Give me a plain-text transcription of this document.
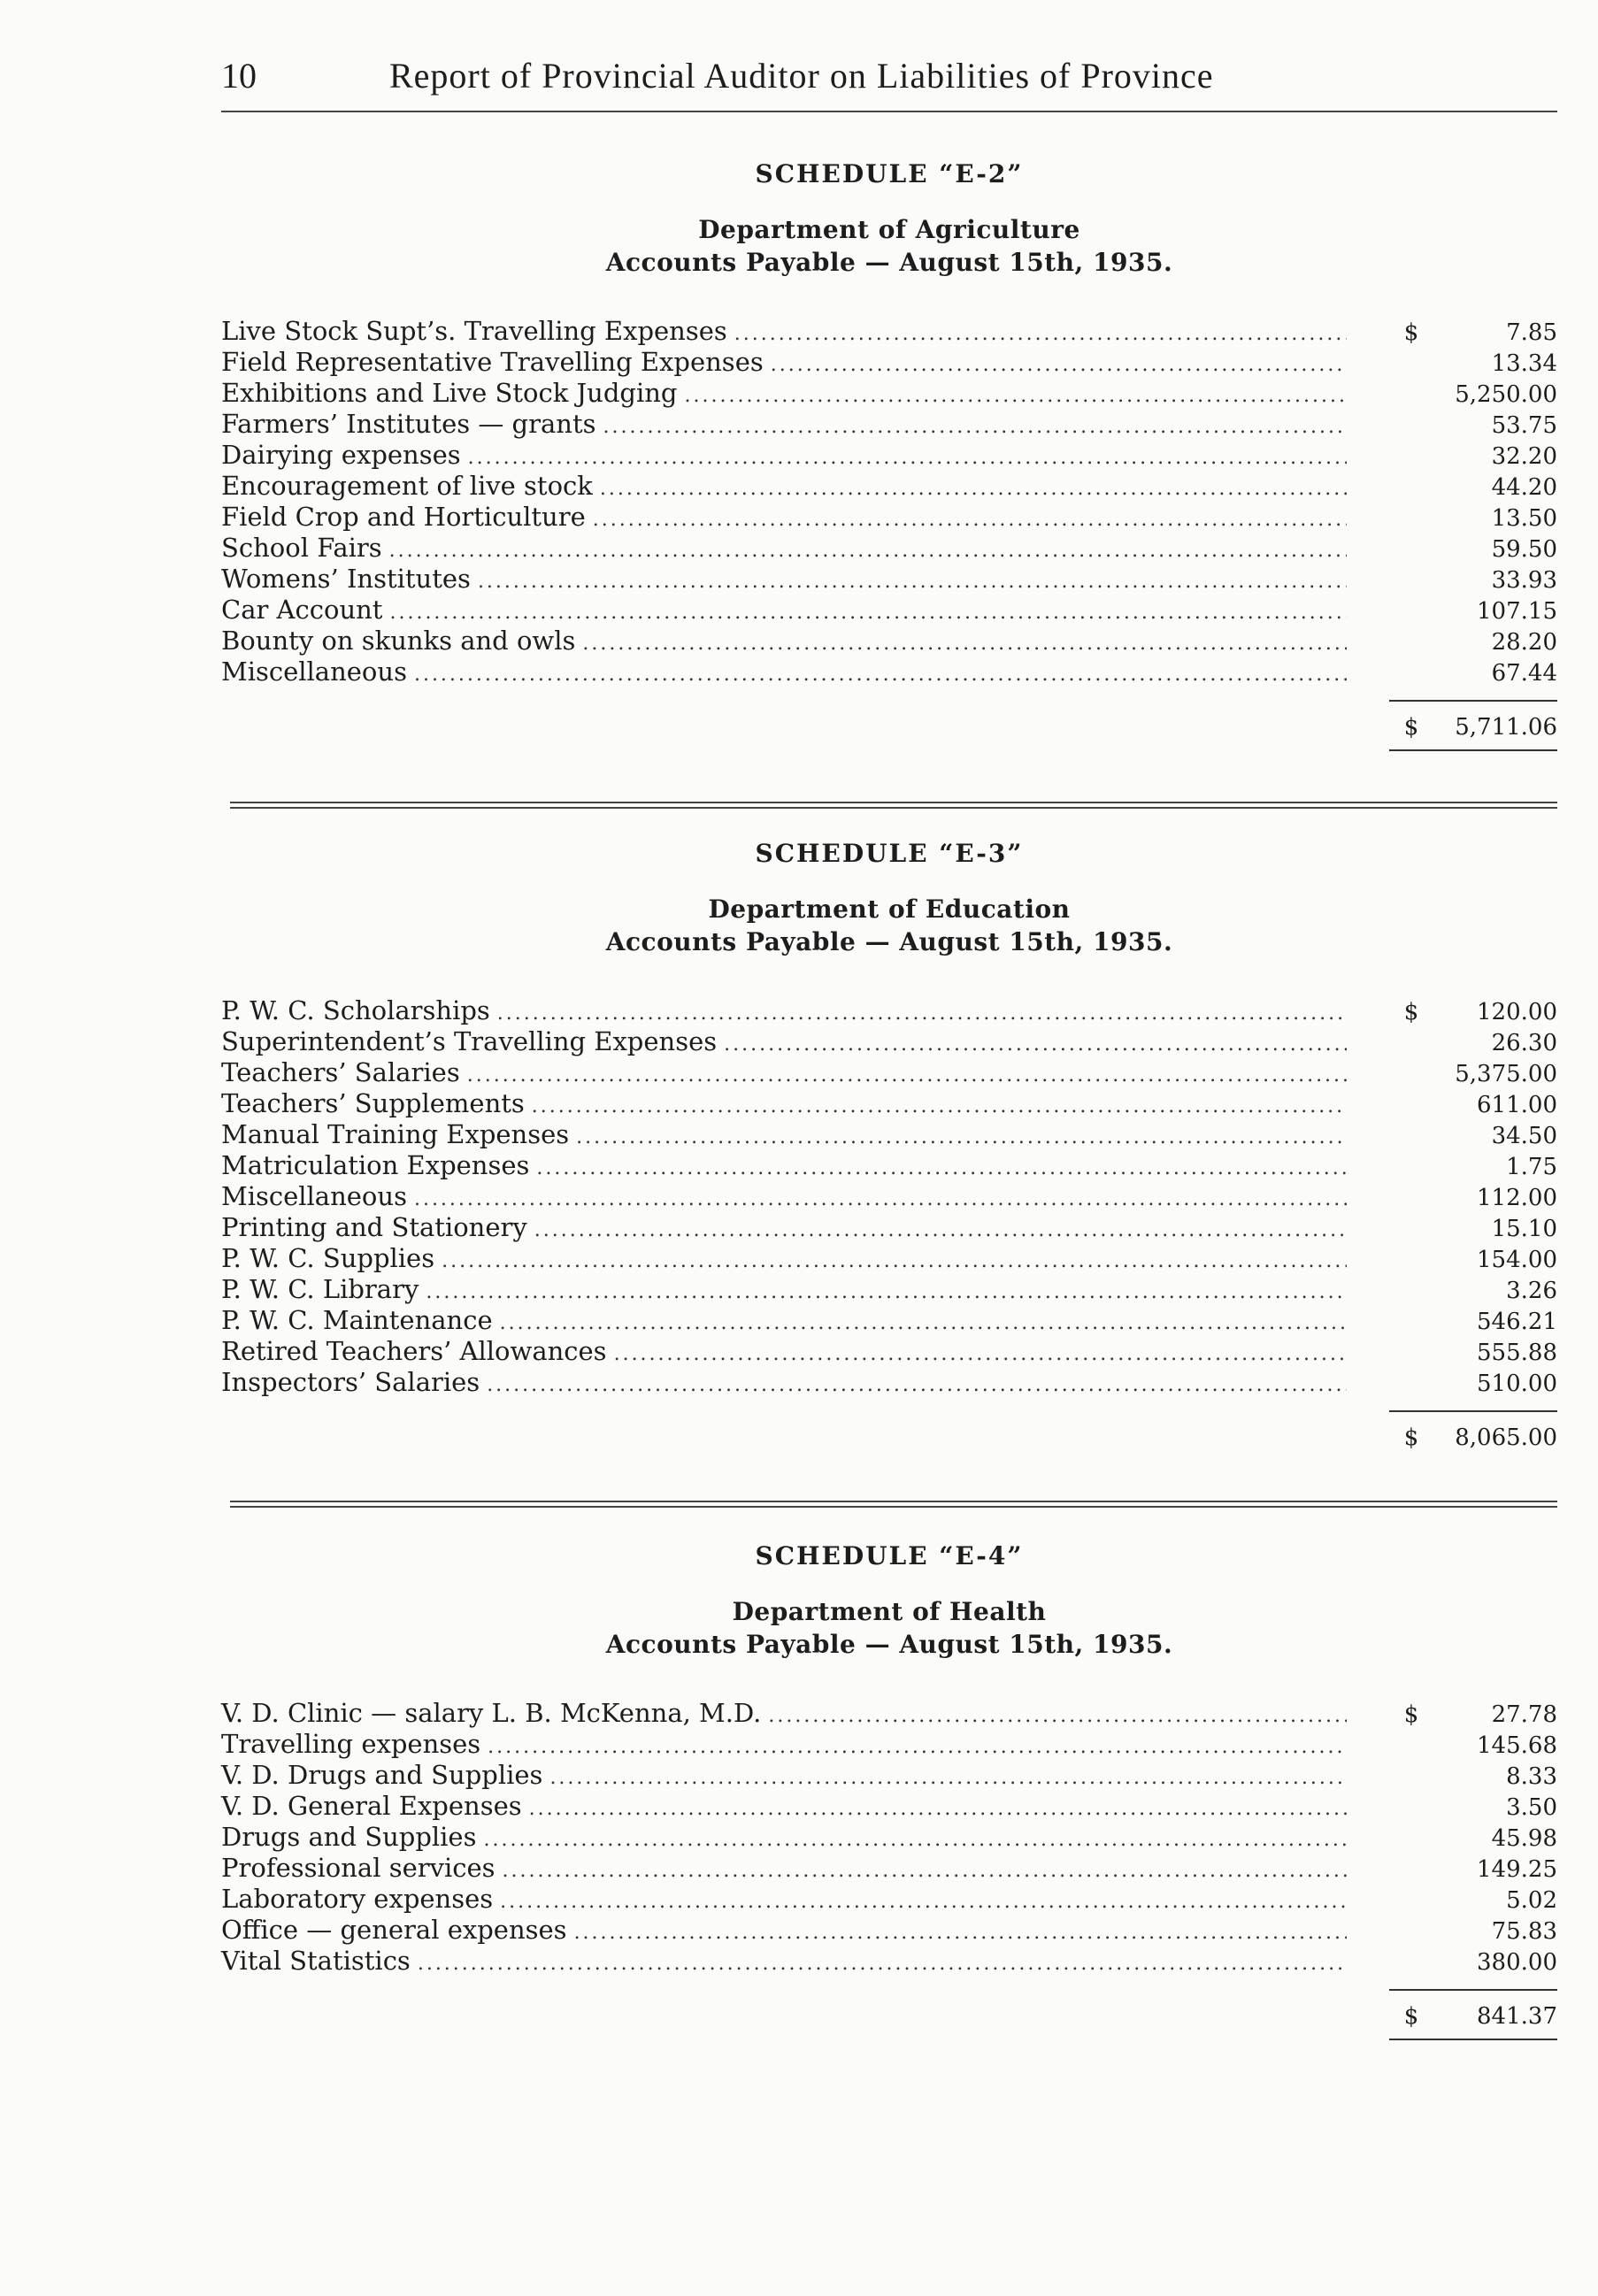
10	Report of Provincial Auditor on Liabilities of Province
SCHEDULE “E-2”
Department of Agriculture
Accounts Payable — August 15th, 1935.
Live Stock Supt’s. Travelling Expenses .....	$	7.85
Field Representative Travelling Expenses .....	13.34
Exhibitions and Live Stock Judging .....	5,250.00
Farmers’ Institutes — grants .....	53.75
Dairying expenses .....	32.20
Encouragement of live stock .....	44.20
Field Crop and Horticulture .....	13.50
School Fairs .....	59.50
Womens’ Institutes .....	33.93
Car Account .....	107.15
Bounty on skunks and owls .....	28.20
Miscellaneous .....	67.44
$	5,711.06
SCHEDULE “E-3”
Department of Education
Accounts Payable — August 15th, 1935.
P. W. C. Scholarships .....	$	120.00
Superintendent’s Travelling Expenses .....	26.30
Teachers’ Salaries .....	5,375.00
Teachers’ Supplements .....	611.00
Manual Training Expenses .....	34.50
Matriculation Expenses .....	1.75
Miscellaneous .....	112.00
Printing and Stationery .....	15.10
P. W. C. Supplies .....	154.00
P. W. C. Library .....	3.26
P. W. C. Maintenance .....	546.21
Retired Teachers’ Allowances .....	555.88
Inspectors’ Salaries .....	510.00
$	8,065.00
SCHEDULE “E-4”
Department of Health
Accounts Payable — August 15th, 1935.
V. D. Clinic — salary L. B. McKenna, M.D. .....	$	27.78
Travelling expenses .....	145.68
V. D. Drugs and Supplies .....	8.33
V. D. General Expenses .....	3.50
Drugs and Supplies .....	45.98
Professional services .....	149.25
Laboratory expenses .....	5.02
Office — general expenses .....	75.83
Vital Statistics .....	380.00
$	841.37
